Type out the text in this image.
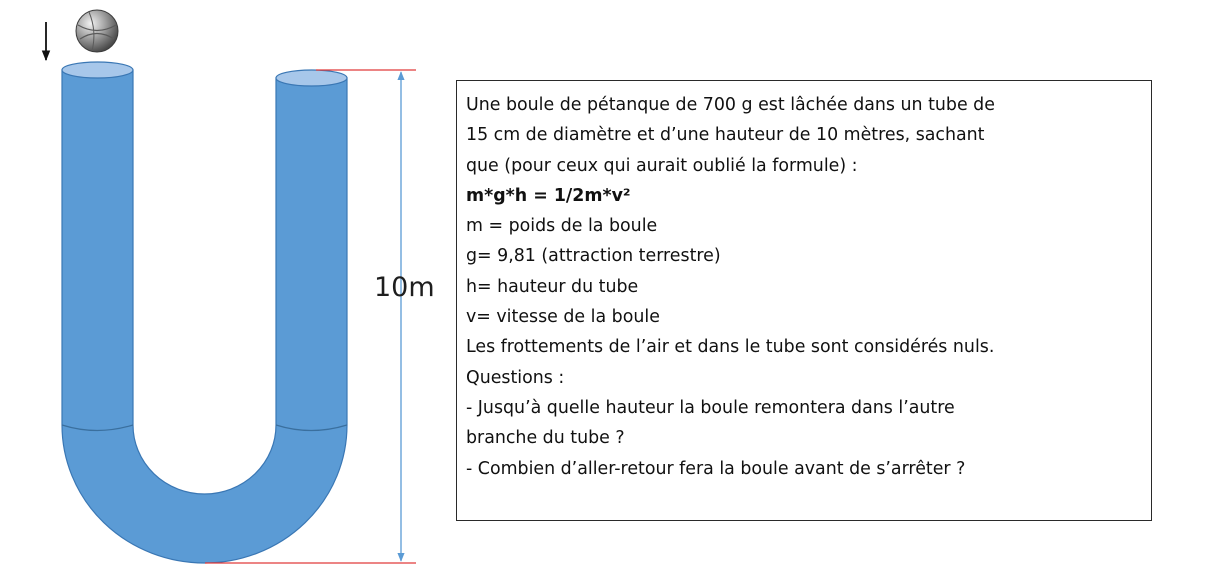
10m
Une boule de pétanque de 700 g est lâchée dans un tube de
15 cm de diamètre et d’une hauteur de 10 mètres, sachant
que (pour ceux qui aurait oublié la formule) :
m*g*h = 1/2m*v²
m = poids de la boule
g= 9,81 (attraction terrestre)
h= hauteur du tube
v= vitesse de la boule
Les frottements de l’air et dans le tube sont considérés nuls.
Questions :
- Jusqu’à quelle hauteur la boule remontera dans l’autre
branche du tube ?
- Combien d’aller-retour fera la boule avant de s’arrêter ?
